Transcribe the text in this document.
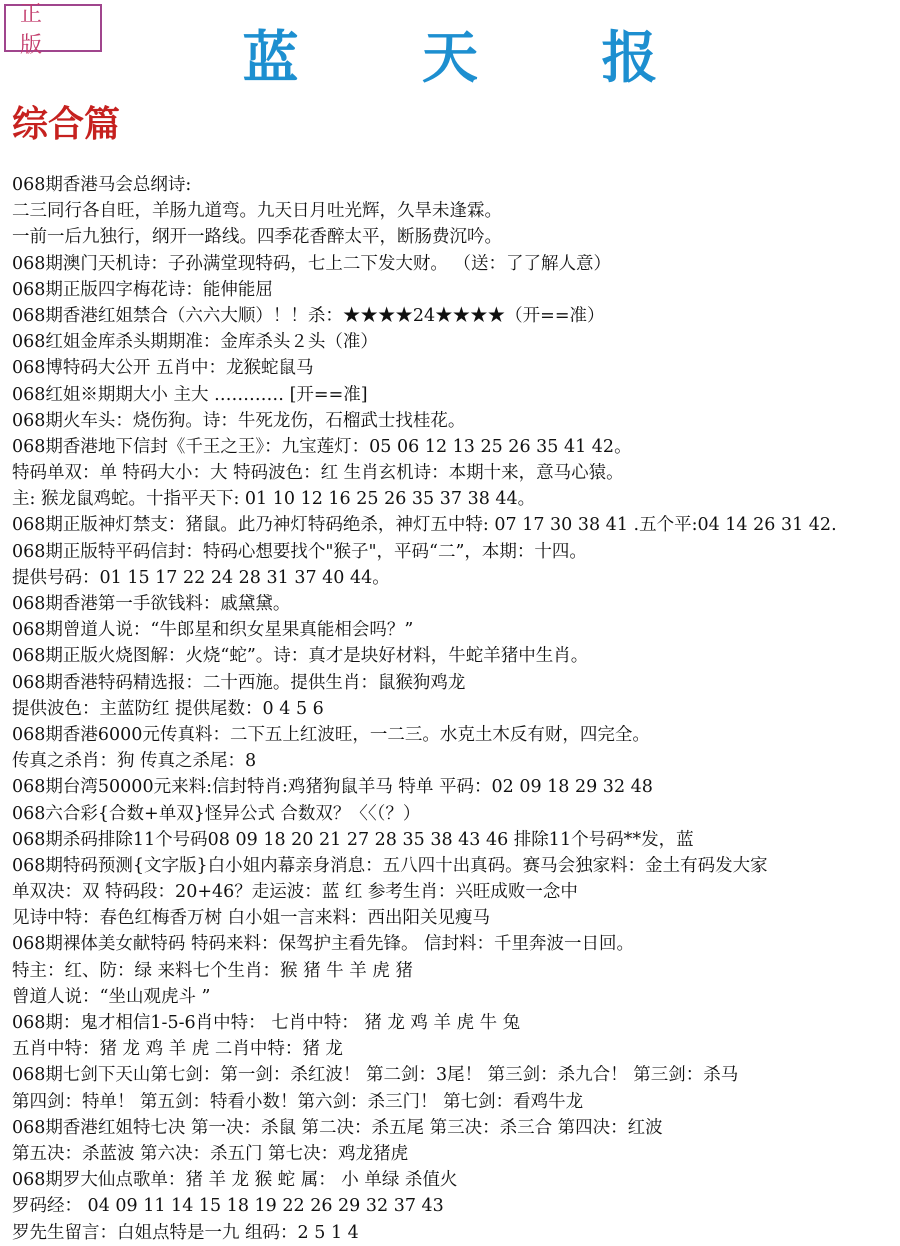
正 版	蓝 天 报
综合篇
068期香港马会总纲诗:
二三同行各自旺，羊肠九道弯。九天日月吐光辉，久旱未逢霖。
一前一后九独行，纲开一路线。四季花香醉太平，断肠费沉吟。
068期澳门天机诗：子孙满堂现特码，七上二下发大财。 （送：了了解人意）
068期正版四字梅花诗：能伸能屈
068期香港红姐禁合（六六大顺）！！杀：★★★★24★★★★（开==准）
068红姐金库杀头期期准：金库杀头２头（准）
068博特码大公开 五肖中：龙猴蛇鼠马
068红姐※期期大小 主大 ………… [开==准]
068期火车头：烧伤狗。诗：牛死龙伤，石榴武士找桂花。
068期香港地下信封《千王之王》：九宝莲灯：05 06 12 13 25 26 35 41 42。
特码单双：单 特码大小：大 特码波色：红 生肖玄机诗：本期十来，意马心猿。
主: 猴龙鼠鸡蛇。十指平天下: 01 10 12 16 25 26 35 37 38 44。
068期正版神灯禁支：猪鼠。此乃神灯特码绝杀，神灯五中特: 07 17 30 38 41 .五个平:04 14 26 31 42.
068期正版特平码信封：特码心想要找个"猴子"，平码“二”，本期：十四。
提供号码：01 15 17 22 24 28 31 37 40 44。
068期香港第一手欲钱料：戚黛黛。
068期曾道人说：“牛郎星和织女星果真能相会吗？”
068期正版火烧图解：火烧“蛇”。诗：真才是块好材料，牛蛇羊猪中生肖。
068期香港特码精选报：二十西施。提供生肖：鼠猴狗鸡龙
提供波色：主蓝防红 提供尾数：0 4 5 6
068期香港6000元传真料：二下五上红波旺，一二三。水克土木反有财，四完全。
传真之杀肖：狗 传真之杀尾：8
068期台湾50000元来料:信封特肖:鸡猪狗鼠羊马 特单 平码：02 09 18 29 32 48
068六合彩{合数+单双}怪异公式 合数双？〈〈（？）
068期杀码排除11个号码08 09 18 20 21 27 28 35 38 43 46 排除11个号码**发，蓝
068期特码预测{文字版}白小姐内幕亲身消息：五八四十出真码。赛马会独家料：金土有码发大家
单双决：双 特码段：20+46？走运波：蓝 红 参考生肖：兴旺成败一念中
见诗中特：春色红梅香万树 白小姐一言来料：西出阳关见瘦马
068期裸体美女献特码 特码来料：保驾护主看先锋。 信封料：千里奔波一日回。
特主：红、防：绿 来料七个生肖：猴 猪 牛 羊 虎 猪
曾道人说：“坐山观虎斗 ”
068期：鬼才相信1-5-6肖中特： 七肖中特： 猪 龙 鸡 羊 虎 牛 兔
五肖中特：猪 龙 鸡 羊 虎 二肖中特：猪 龙
068期七剑下天山第七剑：第一剑：杀红波！ 第二剑：3尾！ 第三剑：杀九合！ 第三剑：杀马
第四剑：特单！ 第五剑：特看小数！第六剑：杀三门！ 第七剑：看鸡牛龙
068期香港红姐特七决 第一决：杀鼠 第二决：杀五尾 第三决：杀三合 第四决：红波
第五决：杀蓝波 第六决：杀五门 第七决：鸡龙猪虎
068期罗大仙点歌单：猪 羊 龙 猴 蛇 属： 小 单绿 杀值火
罗码经： 04 09 11 14 15 18 19 22 26 29 32 37 43
罗先生留言：白姐点特是一九 组码：2 5 1 4
